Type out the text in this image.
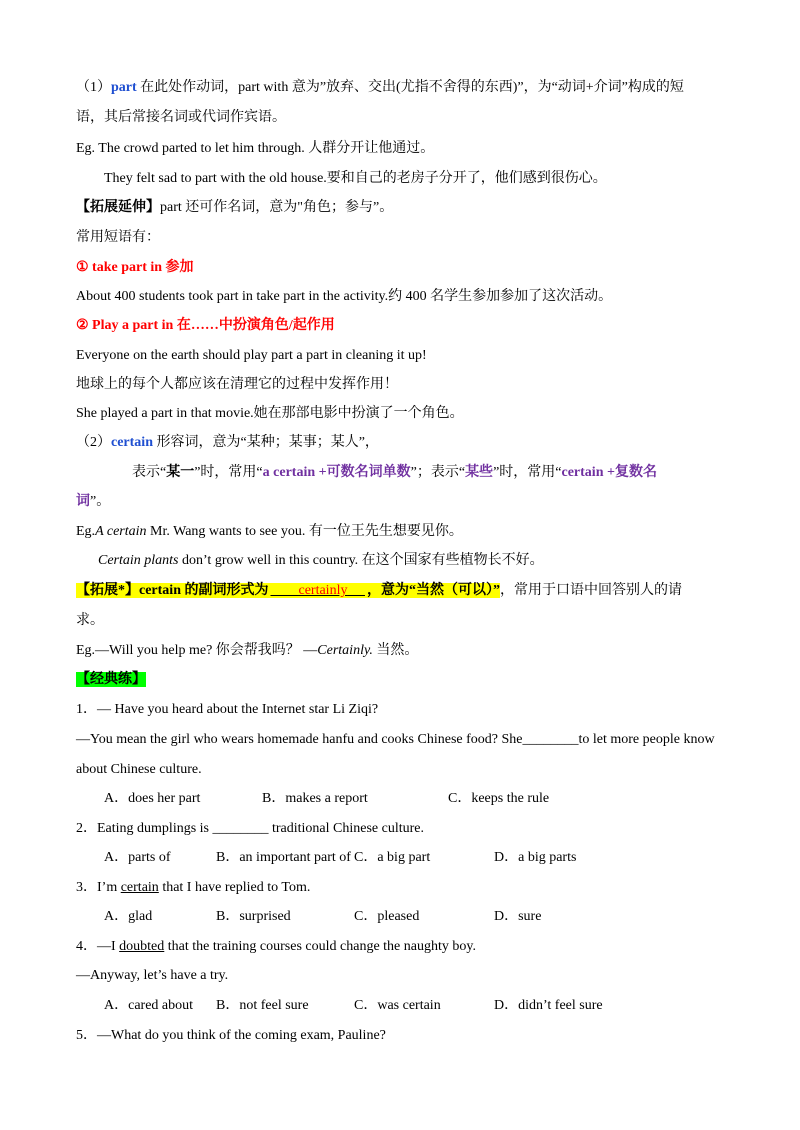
（1）part 在此处作动词，part with 意为”放弃、交出(尤指不舍得的东西)”，为“动词+介词”构成的短
语，其后常接名词或代词作宾语。
Eg. The crowd parted to let him through. 人群分开让他通过。
They felt sad to part with the old house.要和自己的老房子分开了，他们感到很伤心。
【拓展延伸】part 还可作名词，意为"角色；参与”。
常用短语有：
① take part in 参加
About 400 students took part in take part in the activity.约 400 名学生参加参加了这次活动。
② Play a part in 在……中扮演角色/起作用
Everyone on the earth should play part a part in cleaning it up!
地球上的每个人都应该在清理它的过程中发挥作用！
She played a part in that movie.她在那部电影中扮演了一个角色。
（2）certain 形容词，意为“某种；某事；某人”，
表示“某一”时，常用“a certain +可数名词单数”；表示“某些”时，常用“certain +复数名
词”。
Eg.A certain Mr. Wang wants to see you. 有一位王先生想要见你。
Certain plants don’t grow well in this country. 在这个国家有些植物长不好。
【拓展*】certain 的副词形式为 certainly ，意为“当然（可以）”，常用于口语中回答别人的请
求。
Eg.—Will you help me? 你会帮我吗？ —Certainly. 当然。
【经典练】
1．— Have you heard about the Internet star Li Ziqi?
—You mean the girl who wears homemade hanfu and cooks Chinese food? She________to let more people know
about Chinese culture.
A．does her part	B．makes a report	C．keeps the rule
2．Eating dumplings is ________ traditional Chinese culture.
A．parts of	B．an important part of C．a big part	D．a big parts
3．I’m certain that I have replied to Tom.
A．glad	B．surprised	C．pleased	D．sure
4．—I doubted that the training courses could change the naughty boy.
—Anyway, let’s have a try.
A．cared about B．not feel sure	C．was certain	D．didn’t feel sure
5．—What do you think of the coming exam, Pauline?
